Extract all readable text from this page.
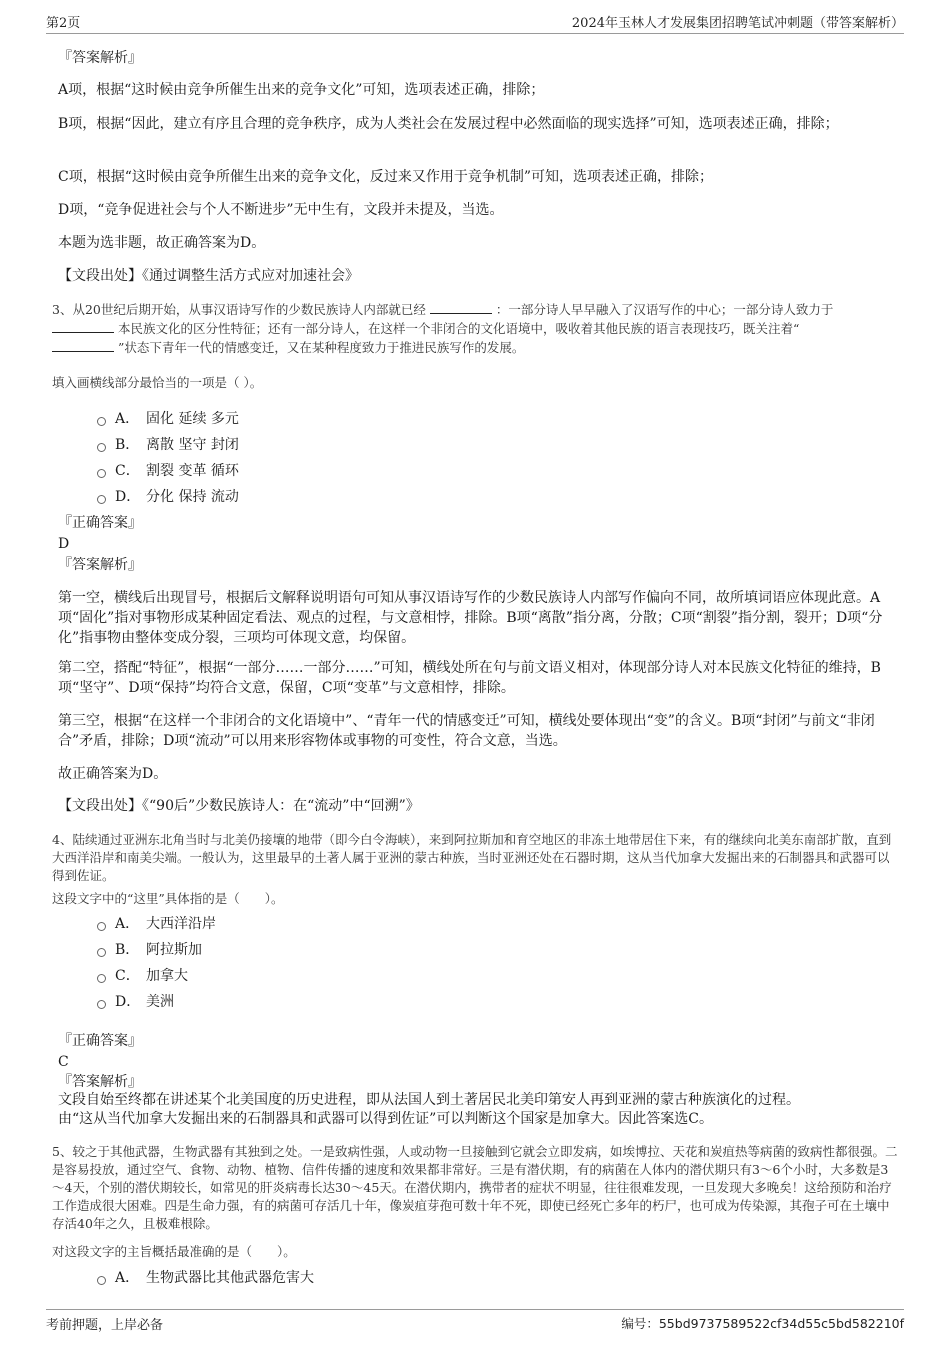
第2页	2024年玉林人才发展集团招聘笔试冲刺题（带答案解析）
『答案解析』
A项，根据“这时候由竞争所催生出来的竞争文化”可知，选项表述正确，排除；
B项，根据“因此，建立有序且合理的竞争秩序，成为人类社会在发展过程中必然面临的现实选择”可知，选项表述正确，排除；
C项，根据“这时候由竞争所催生出来的竞争文化，反过来又作用于竞争机制”可知，选项表述正确，排除；
D项，“竞争促进社会与个人不断进步”无中生有，文段并未提及，当选。
本题为选非题，故正确答案为D。
【文段出处】《通过调整生活方式应对加速社会》
3、从20世纪后期开始，从事汉语诗写作的少数民族诗人内部就已经	：一部分诗人早早融入了汉语写作的中心；一部分诗人致力于
本民族文化的区分性特征；还有一部分诗人，在这样一个非闭合的文化语境中，吸收着其他民族的语言表现技巧，既关注着“
”状态下青年一代的情感变迁，又在某种程度致力于推进民族写作的发展。
填入画横线部分最恰当的一项是（ ）。
A． 固化 延续 多元
B． 离散 坚守 封闭
C． 割裂 变革 循环
D． 分化 保持 流动
『正确答案』
D
『答案解析』
第一空，横线后出现冒号，根据后文解释说明语句可知从事汉语诗写作的少数民族诗人内部写作偏向不同，故所填词语应体现此意。A项“固化”指对事物形成某种固定看法、观点的过程，与文意相悖，排除。B项“离散”指分离，分散；C项“割裂”指分割，裂开；D项“分化”指事物由整体变成分裂，三项均可体现文意，均保留。
第二空，搭配“特征”，根据“一部分……一部分……”可知，横线处所在句与前文语义相对，体现部分诗人对本民族文化特征的维持，B项“坚守”、D项“保持”均符合文意，保留，C项“变革”与文意相悖，排除。
第三空，根据“在这样一个非闭合的文化语境中”、“青年一代的情感变迁”可知，横线处要体现出“变”的含义。B项“封闭”与前文“非闭合”矛盾，排除；D项“流动”可以用来形容物体或事物的可变性，符合文意，当选。
故正确答案为D。
【文段出处】《“90后”少数民族诗人：在“流动”中“回溯”》
4、陆续通过亚洲东北角当时与北美仍接壤的地带（即今白令海峡），来到阿拉斯加和育空地区的非冻土地带居住下来，有的继续向北美东南部扩散，直到大西洋沿岸和南美尖端。一般认为，这里最早的土著人属于亚洲的蒙古种族，当时亚洲还处在石器时期，这从当代加拿大发掘出来的石制器具和武器可以得到佐证。
这段文字中的“这里”具体指的是（　　）。
A． 大西洋沿岸
B． 阿拉斯加
C． 加拿大
D． 美洲
『正确答案』
C
『答案解析』
文段自始至终都在讲述某个北美国度的历史进程，即从法国人到土著居民北美印第安人再到亚洲的蒙古种族演化的过程。
由“这从当代加拿大发掘出来的石制器具和武器可以得到佐证”可以判断这个国家是加拿大。因此答案选C。
5、较之于其他武器，生物武器有其独到之处。一是致病性强，人或动物一旦接触到它就会立即发病，如埃博拉、天花和炭疽热等病菌的致病性都很强。二是容易投放，通过空气、食物、动物、植物、信件传播的速度和效果都非常好。三是有潜伏期，有的病菌在人体内的潜伏期只有3～6个小时，大多数是3～4天，个别的潜伏期较长，如常见的肝炎病毒长达30～45天。在潜伏期内，携带者的症状不明显，往往很难发现，一旦发现大多晚矣！这给预防和治疗工作造成很大困难。四是生命力强，有的病菌可存活几十年，像炭疽芽孢可数十年不死，即使已经死亡多年的朽尸，也可成为传染源，其孢子可在土壤中存活40年之久，且极难根除。
对这段文字的主旨概括最准确的是（　　）。
A． 生物武器比其他武器危害大
考前押题，上岸必备	编号：55bd9737589522cf34d55c5bd582210f
